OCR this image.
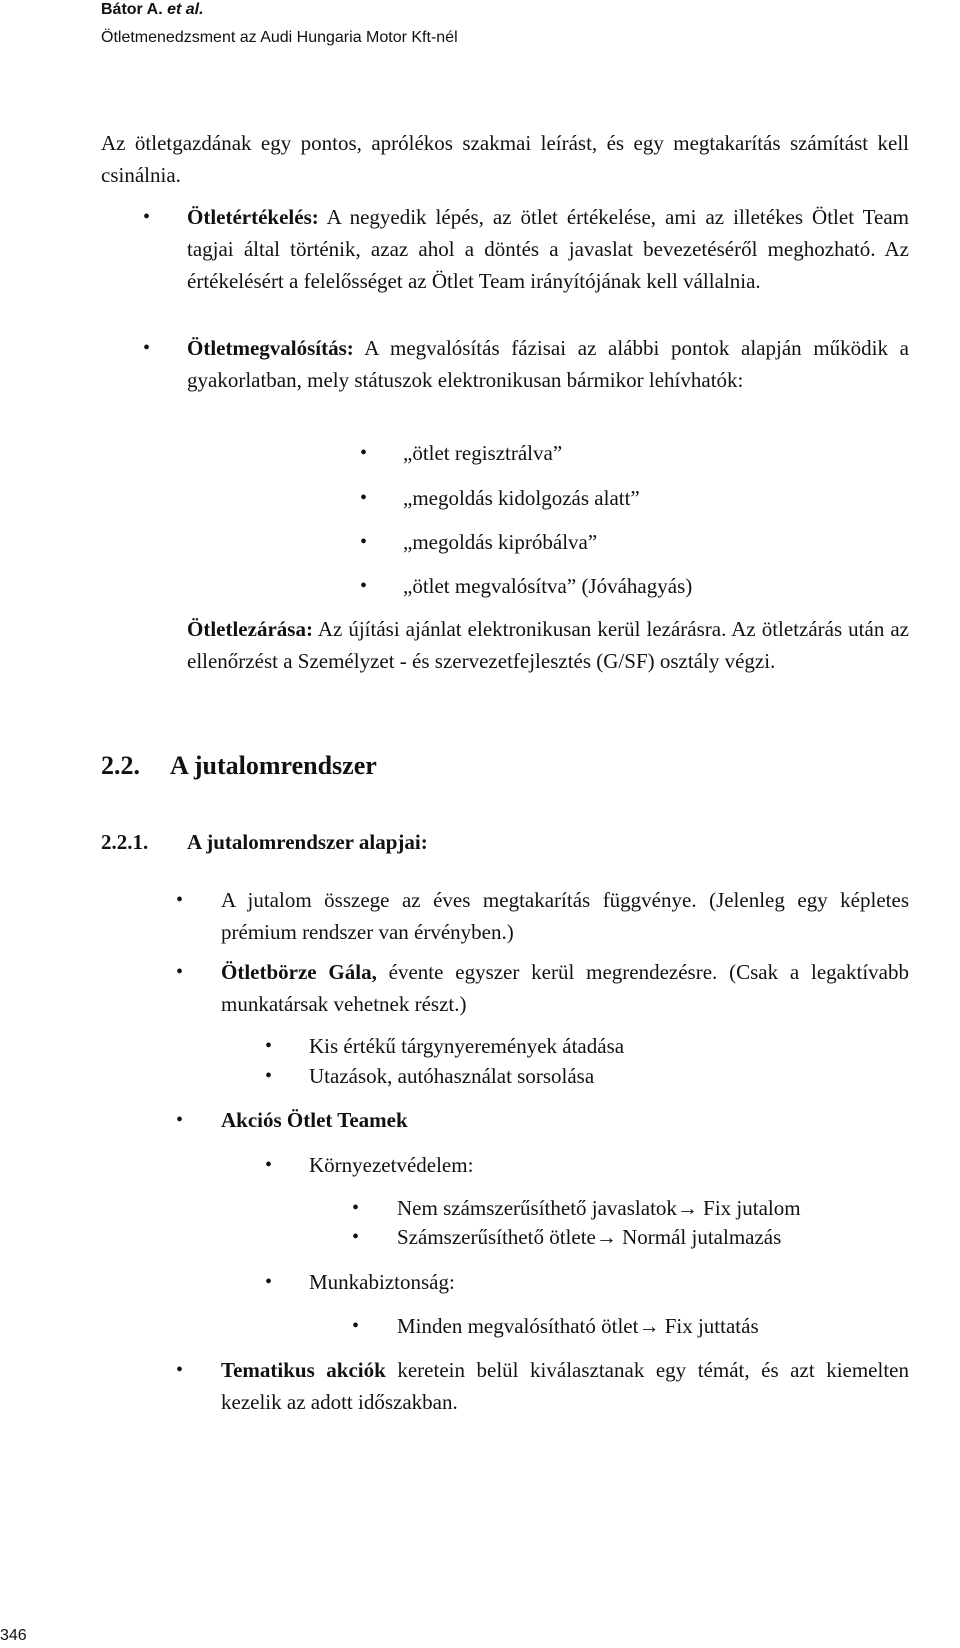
Bátor A. et al.
Ötletmenedzsment az Audi Hungaria Motor Kft-nél
Az ötletgazdának egy pontos, aprólékos szakmai leírást, és egy megtakarítás számítást kell csinálnia.
• Ötletértékelés: A negyedik lépés, az ötlet értékelése, ami az illetékes Ötlet Team tagjai által történik, azaz ahol a döntés a javaslat bevezetéséről meghozható. Az értékelésért a felelősséget az Ötlet Team irányítójának kell vállalnia.
• Ötletmegvalósítás: A megvalósítás fázisai az alábbi pontok alapján működik a gyakorlatban, mely státuszok elektronikusan bármikor lehívhatók:
• „ötlet regisztrálva”
• „megoldás kidolgozás alatt”
• „megoldás kipróbálva”
• „ötlet megvalósítva” (Jóváhagyás)
Ötletlezárása: Az újítási ajánlat elektronikusan kerül lezárásra. Az ötletzárás után az ellenőrzést a Személyzet - és szervezetfejlesztés (G/SF) osztály végzi.
2.2. A jutalomrendszer
2.2.1. A jutalomrendszer alapjai:
• A jutalom összege az éves megtakarítás függvénye. (Jelenleg egy képletes prémium rendszer van érvényben.)
• Ötletbörze Gála, évente egyszer kerül megrendezésre. (Csak a legaktívabb munkatársak vehetnek részt.)
• Kis értékű tárgynyeremények átadása
• Utazások, autóhasználat sorsolása
• Akciós Ötlet Teamek
• Környezetvédelem:
• Nem számszerűsíthető javaslatok→ Fix jutalom
• Számszerűsíthető ötlete→ Normál jutalmazás
• Munkabiztonság:
• Minden megvalósítható ötlet→ Fix juttatás
• Tematikus akciók keretein belül kiválasztanak egy témát, és azt kiemelten kezelik az adott időszakban.
346
